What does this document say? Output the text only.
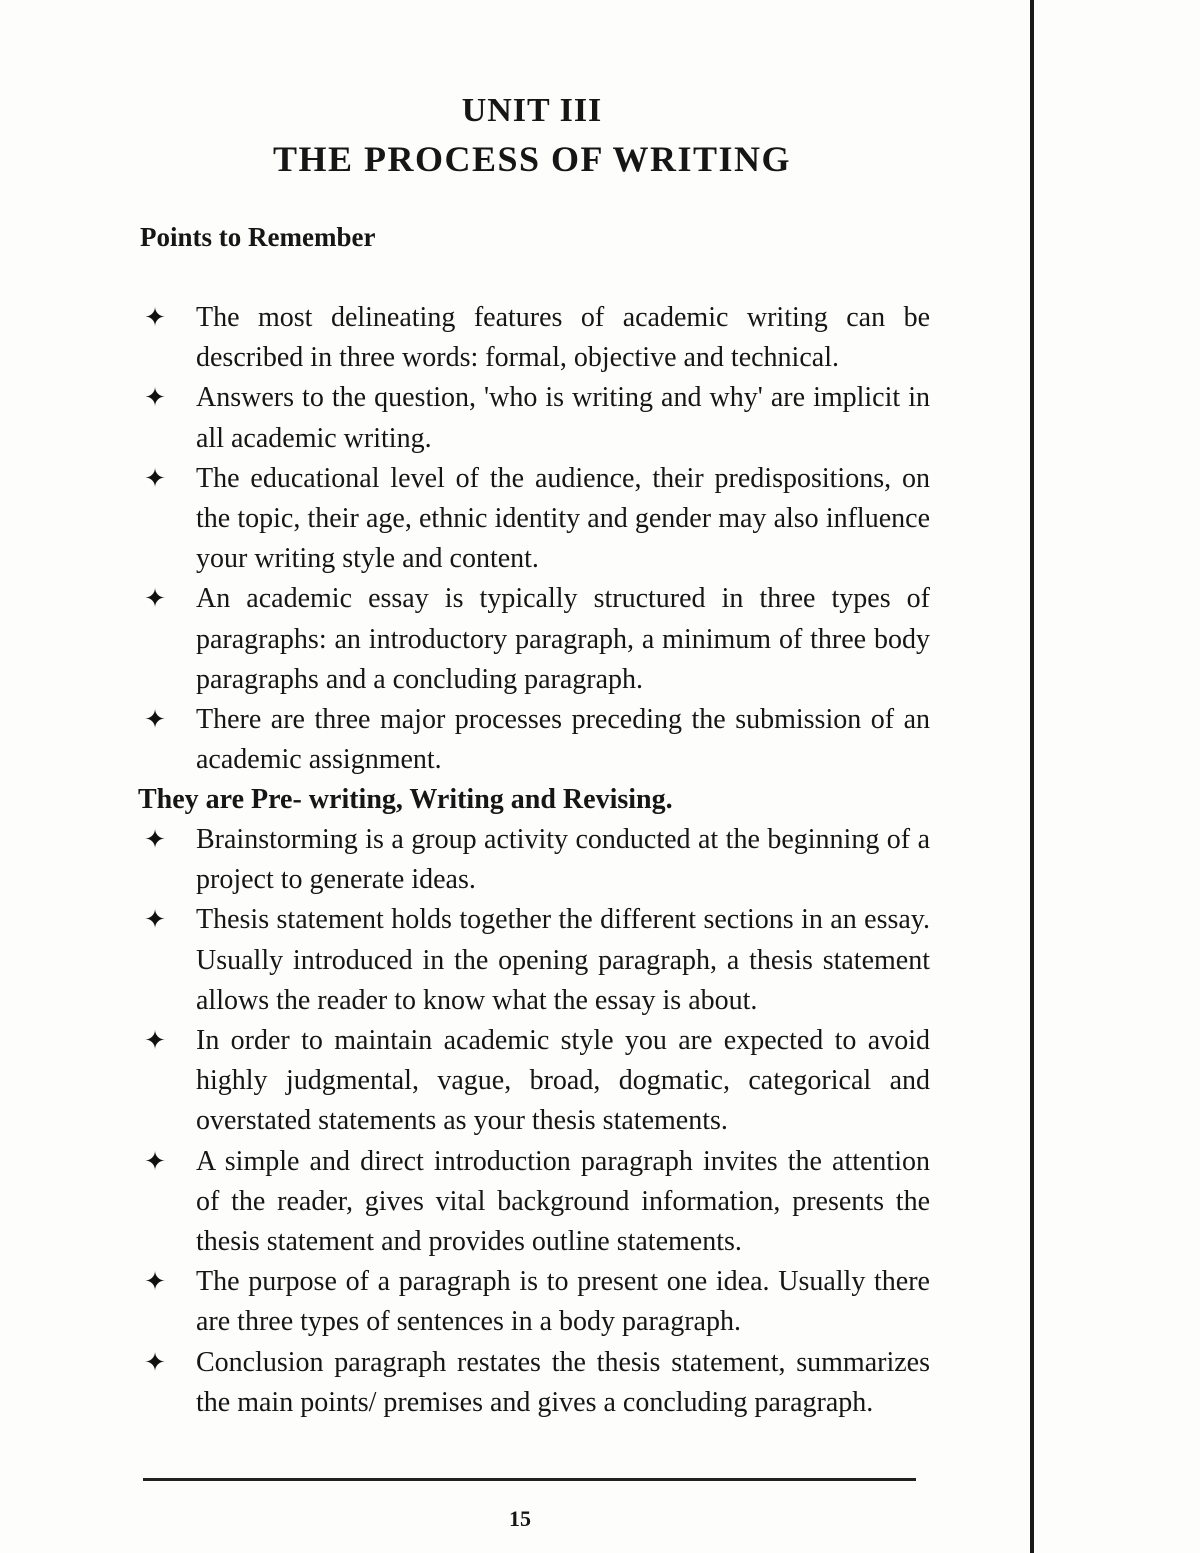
UNIT III
THE PROCESS OF WRITING
Points to Remember
✦ The most delineating features of academic writing can be described in three words: formal, objective and technical.
✦ Answers to the question, 'who is writing and why' are implicit in all academic writing.
✦ The educational level of the audience, their predispositions, on the topic, their age, ethnic identity and gender may also influence your writing style and content.
✦ An academic essay is typically structured in three types of paragraphs: an introductory paragraph, a minimum of three body paragraphs and a concluding paragraph.
✦ There are three major processes preceding the submission of an academic assignment.
They are Pre- writing, Writing and Revising.
✦ Brainstorming is a group activity conducted at the beginning of a project to generate ideas.
✦ Thesis statement holds together the different sections in an essay. Usually introduced in the opening paragraph, a thesis statement allows the reader to know what the essay is about.
✦ In order to maintain academic style you are expected to avoid highly judgmental, vague, broad, dogmatic, categorical and overstated statements as your thesis statements.
✦ A simple and direct introduction paragraph invites the attention of the reader, gives vital background information, presents the thesis statement and provides outline statements.
✦ The purpose of a paragraph is to present one idea. Usually there are three types of sentences in a body paragraph.
✦ Conclusion paragraph restates the thesis statement, summarizes the main points/ premises and gives a concluding paragraph.
15
